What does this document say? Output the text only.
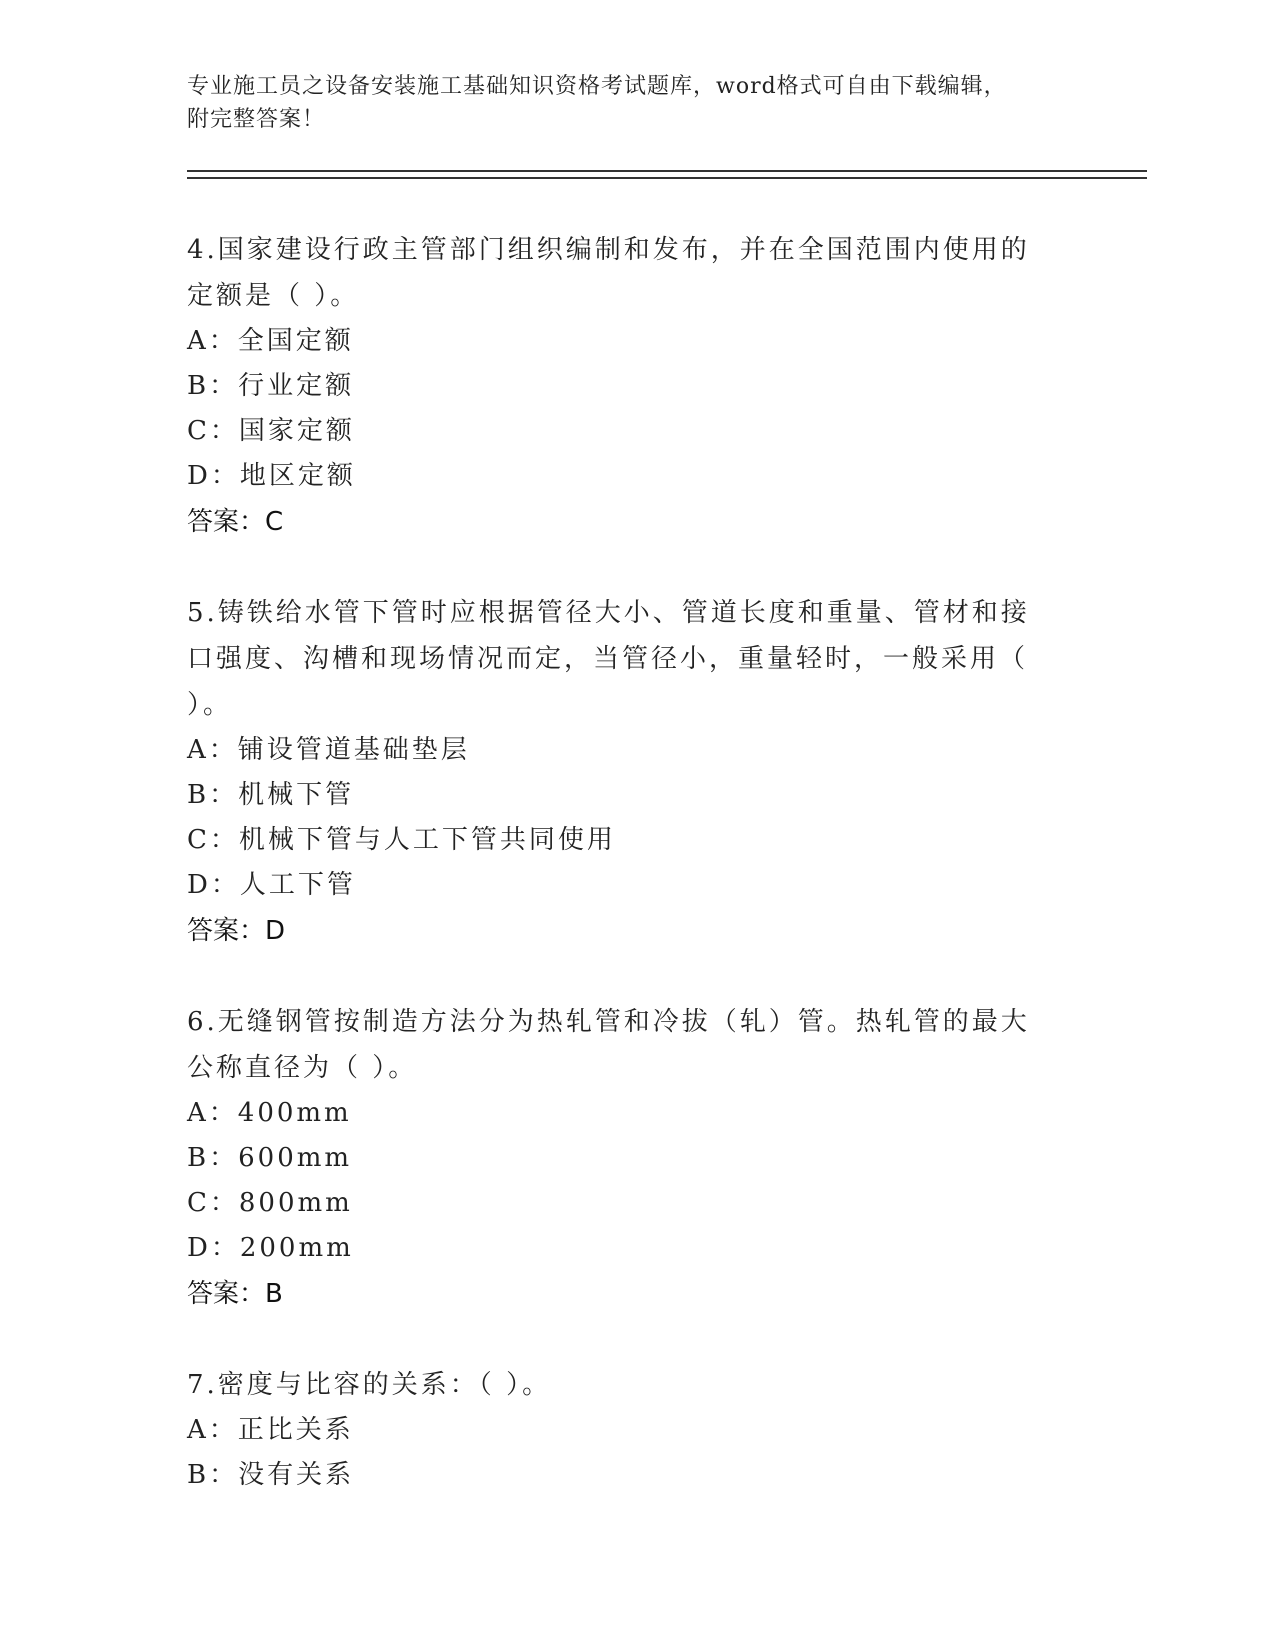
专业施工员之设备安装施工基础知识资格考试题库，word格式可自由下载编辑，
附完整答案！
4.国家建设行政主管部门组织编制和发布，并在全国范围内使用的定额是（ ）。
A：全国定额
B：行业定额
C：国家定额
D：地区定额
答案：C
5.铸铁给水管下管时应根据管径大小、管道长度和重量、管材和接口强度、沟槽和现场情况而定，当管径小，重量轻时，一般采用（ ）。
A：铺设管道基础垫层
B：机械下管
C：机械下管与人工下管共同使用
D：人工下管
答案：D
6.无缝钢管按制造方法分为热轧管和冷拔（轧）管。热轧管的最大公称直径为（ ）。
A：400mm
B：600mm
C：800mm
D：200mm
答案：B
7.密度与比容的关系：（ ）。
A：正比关系
B：没有关系
